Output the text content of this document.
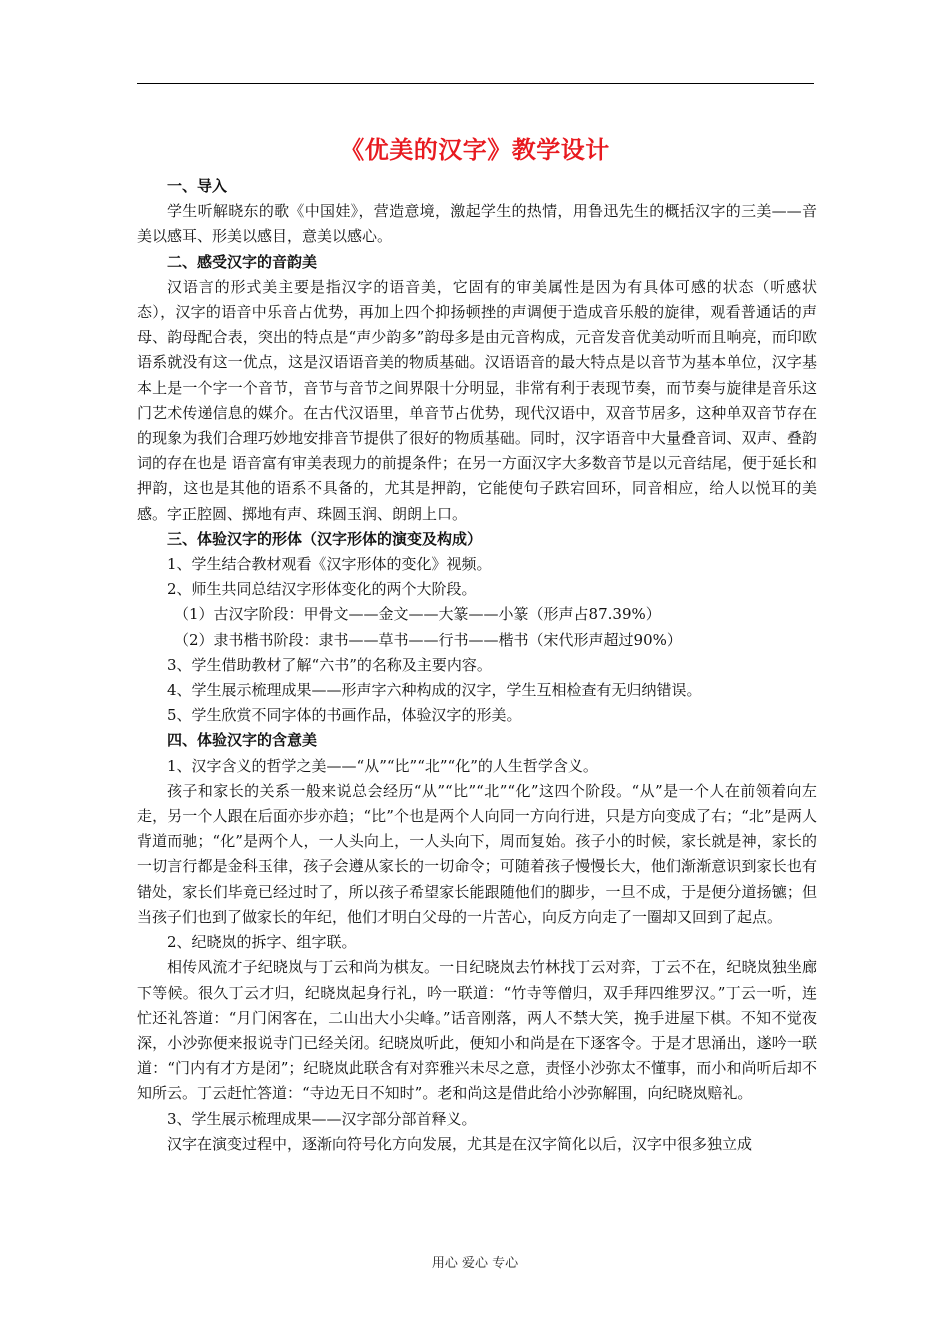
《优美的汉字》教学设计

一、导入

学生听解晓东的歌《中国娃》，营造意境，激起学生的热情，用鲁迅先生的概括汉字的三美——音美以感耳、形美以感目，意美以感心。

二、感受汉字的音韵美

汉语言的形式美主要是指汉字的语音美，它固有的审美属性是因为有具体可感的状态（听感状态），汉字的语音中乐音占优势，再加上四个抑扬顿挫的声调便于造成音乐般的旋律，观看普通话的声母、韵母配合表，突出的特点是“声少韵多”韵母多是由元音构成，元音发音优美动听而且响亮，而印欧语系就没有这一优点，这是汉语语音美的物质基础。汉语语音的最大特点是以音节为基本单位，汉字基本上是一个字一个音节，音节与音节之间界限十分明显，非常有利于表现节奏，而节奏与旋律是音乐这门艺术传递信息的媒介。在古代汉语里，单音节占优势，现代汉语中，双音节居多，这种单双音节存在的现象为我们合理巧妙地安排音节提供了很好的物质基础。同时，汉字语音中大量叠音词、双声、叠韵词的存在也是 语音富有审美表现力的前提条件；在另一方面汉字大多数音节是以元音结尾，便于延长和押韵，这也是其他的语系不具备的，尤其是押韵，它能使句子跌宕回环，同音相应，给人以悦耳的美感。字正腔圆、掷地有声、珠圆玉润、朗朗上口。

三、体验汉字的形体（汉字形体的演变及构成）

1、学生结合教材观看《汉字形体的变化》视频。

2、师生共同总结汉字形体变化的两个大阶段。

（1）古汉字阶段：甲骨文——金文——大篆——小篆（形声占87.39%）

（2）隶书楷书阶段：隶书——草书——行书——楷书（宋代形声超过90%）

3、学生借助教材了解“六书”的名称及主要内容。

4、学生展示梳理成果——形声字六种构成的汉字，学生互相检查有无归纳错误。

5、学生欣赏不同字体的书画作品，体验汉字的形美。

四、体验汉字的含意美

1、汉字含义的哲学之美——“从”“比”“北”“化”的人生哲学含义。

孩子和家长的关系一般来说总会经历“从”“比”“北”“化”这四个阶段。“从”是一个人在前领着向左走，另一个人跟在后面亦步亦趋；“比”个也是两个人向同一方向行进，只是方向变成了右；“北”是两人背道而驰；“化”是两个人，一人头向上，一人头向下，周而复始。孩子小的时候，家长就是神，家长的一切言行都是金科玉律，孩子会遵从家长的一切命令；可随着孩子慢慢长大，他们渐渐意识到家长也有错处，家长们毕竟已经过时了，所以孩子希望家长能跟随他们的脚步，一旦不成，于是便分道扬镳；但当孩子们也到了做家长的年纪，他们才明白父母的一片苦心，向反方向走了一圈却又回到了起点。

2、纪晓岚的拆字、组字联。

相传风流才子纪晓岚与丁云和尚为棋友。一日纪晓岚去竹林找丁云对弈，丁云不在，纪晓岚独坐廊下等候。很久丁云才归，纪晓岚起身行礼，吟一联道：“竹寺等僧归，双手拜四维罗汉。”丁云一听，连忙还礼答道：“月门闲客在，二山出大小尖峰。”话音刚落，两人不禁大笑，挽手进屋下棋。不知不觉夜深，小沙弥便来报说寺门已经关闭。纪晓岚听此，便知小和尚是在下逐客令。于是才思涌出，遂吟一联道：“门内有才方是闭”；纪晓岚此联含有对弈雅兴未尽之意，责怪小沙弥太不懂事，而小和尚听后却不知所云。丁云赶忙答道：“寺边无日不知时”。老和尚这是借此给小沙弥解围，向纪晓岚赔礼。

3、学生展示梳理成果——汉字部分部首释义。

汉字在演变过程中，逐渐向符号化方向发展，尤其是在汉字简化以后，汉字中很多独立成

用心 爱心 专心
